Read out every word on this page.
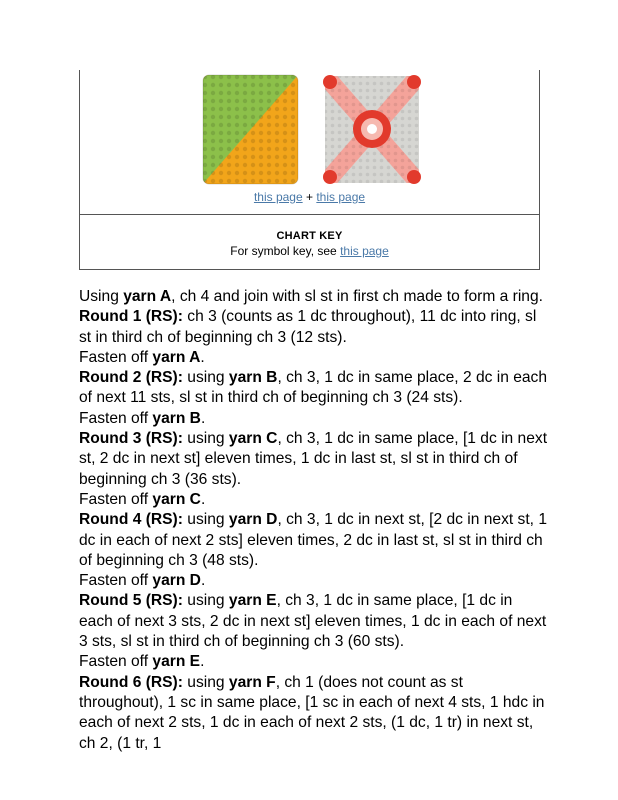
this page + this page
CHART KEY
For symbol key, see this page

Using yarn A, ch 4 and join with sl st in first ch made to form a ring.

Round 1 (RS): ch 3 (counts as 1 dc throughout), 11 dc into ring, sl st in third ch of beginning ch 3 (12 sts).

Fasten off yarn A.

Round 2 (RS): using yarn B, ch 3, 1 dc in same place, 2 dc in each of next 11 sts, sl st in third ch of beginning ch 3 (24 sts).

Fasten off yarn B.

Round 3 (RS): using yarn C, ch 3, 1 dc in same place, [1 dc in next st, 2 dc in next st] eleven times, 1 dc in last st, sl st in third ch of beginning ch 3 (36 sts).

Fasten off yarn C.

Round 4 (RS): using yarn D, ch 3, 1 dc in next st, [2 dc in next st, 1 dc in each of next 2 sts] eleven times, 2 dc in last st, sl st in third ch of beginning ch 3 (48 sts).

Fasten off yarn D.

Round 5 (RS): using yarn E, ch 3, 1 dc in same place, [1 dc in each of next 3 sts, 2 dc in next st] eleven times, 1 dc in each of next 3 sts, sl st in third ch of beginning ch 3 (60 sts).

Fasten off yarn E.

Round 6 (RS): using yarn F, ch 1 (does not count as st throughout), 1 sc in same place, [1 sc in each of next 4 sts, 1 hdc in each of next 2 sts, 1 dc in each of next 2 sts, (1 dc, 1 tr) in next st, ch 2, (1 tr, 1
